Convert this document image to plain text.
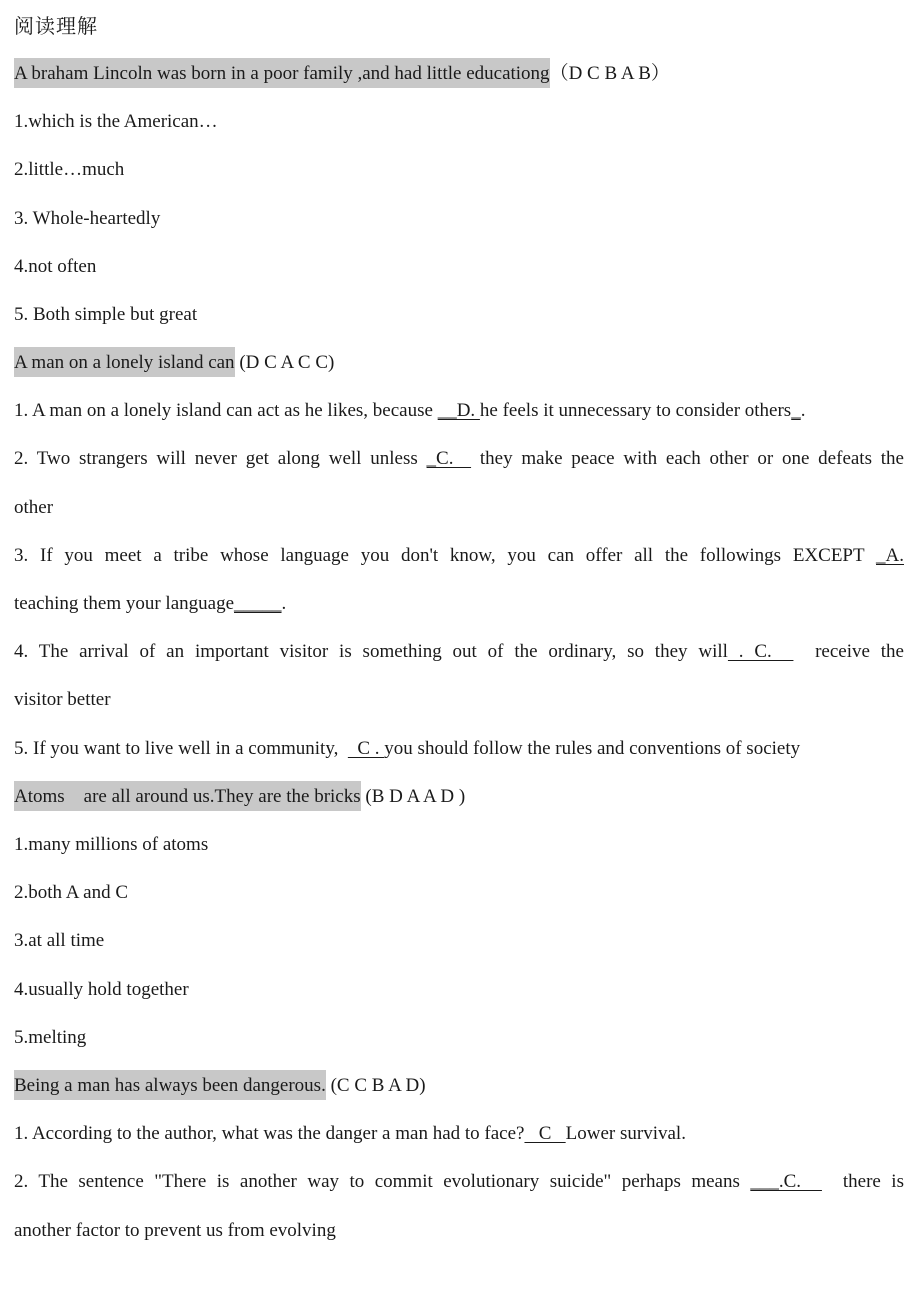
阅读理解
A braham Lincoln was born in a poor family ,and had little educationg（D C B A B）
1.which is the American…
2.little…much
3. Whole-heartedly
4.not often
5. Both simple but great
A man on a lonely island can (D C A C C)
1. A man on a lonely island can act as he likes, because __D. he feels it unnecessary to consider others_.
2. Two strangers will never get along well unless _C.   they make peace with each other or one defeats the
other
3. If you meet a tribe whose language you don't know, you can offer all the followings EXCEPT _A.
teaching them your language_____.
4. The arrival of an important visitor is something out of the ordinary, so they will . C.    receive the
visitor better
5. If you want to live well in a community,    C . you should follow the rules and conventions of society
Atoms    are all around us.They are the bricks (B D A A D )
1.many millions of atoms
2.both A and C
3.at all time
4.usually hold together
5.melting
Being a man has always been dangerous. (C C B A D)
1. According to the author, what was the danger a man had to face?   C   Lower survival.
2. The sentence "There is another way to commit evolutionary suicide" perhaps means ___.C.    there is
another factor to prevent us from evolving
